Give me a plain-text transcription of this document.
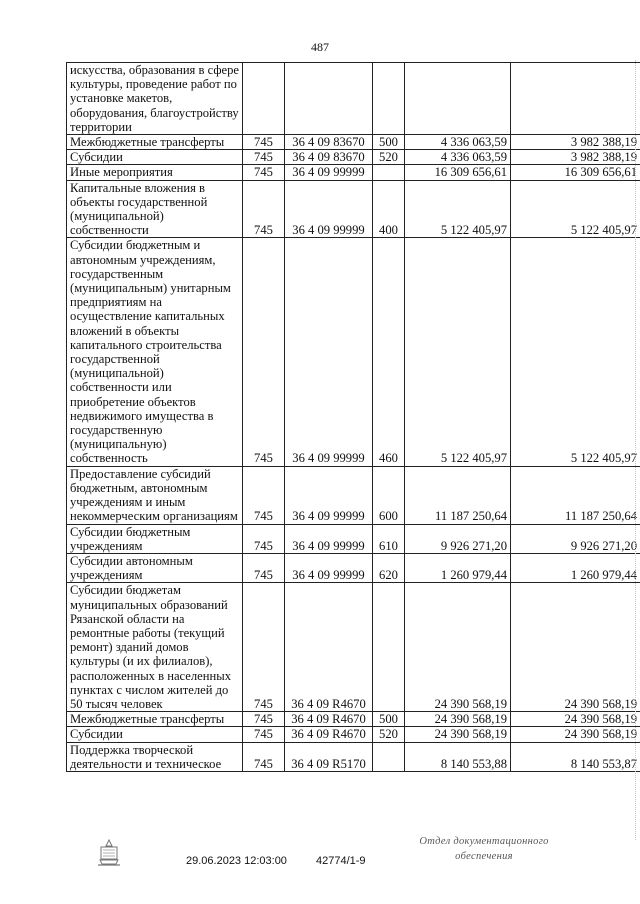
487
искусства, образования в сфере культуры, проведение работ по установке макетов, оборудования, благоустройству территории					
Межбюджетные трансферты	745	36 4 09 83670	500	4 336 063,59	3 982 388,19
Субсидии	745	36 4 09 83670	520	4 336 063,59	3 982 388,19
Иные мероприятия	745	36 4 09 99999		16 309 656,61	16 309 656,61
Капитальные вложения в объекты государственной (муниципальной) собственности	745	36 4 09 99999	400	5 122 405,97	5 122 405,97
Субсидии бюджетным и автономным учреждениям, государственным (муниципальным) унитарным предприятиям на осуществление капитальных вложений в объекты капитального строительства государственной (муниципальной) собственности или приобретение объектов недвижимого имущества в государственную (муниципальную) собственность	745	36 4 09 99999	460	5 122 405,97	5 122 405,97
Предоставление субсидий бюджетным, автономным учреждениям и иным некоммерческим организациям	745	36 4 09 99999	600	11 187 250,64	11 187 250,64
Субсидии бюджетным учреждениям	745	36 4 09 99999	610	9 926 271,20	9 926 271,20
Субсидии автономным учреждениям	745	36 4 09 99999	620	1 260 979,44	1 260 979,44
Субсидии бюджетам муниципальных образований Рязанской области на ремонтные работы (текущий ремонт) зданий домов культуры (и их филиалов), расположенных в населенных пунктах с числом жителей до 50 тысяч человек	745	36 4 09 R4670		24 390 568,19	24 390 568,19
Межбюджетные трансферты	745	36 4 09 R4670	500	24 390 568,19	24 390 568,19
Субсидии	745	36 4 09 R4670	520	24 390 568,19	24 390 568,19
Поддержка творческой деятельности и техническое	745	36 4 09 R5170		8 140 553,88	8 140 553,87
29.06.2023 12:03:00	42774/1-9
Отдел документационного
обеспечения
